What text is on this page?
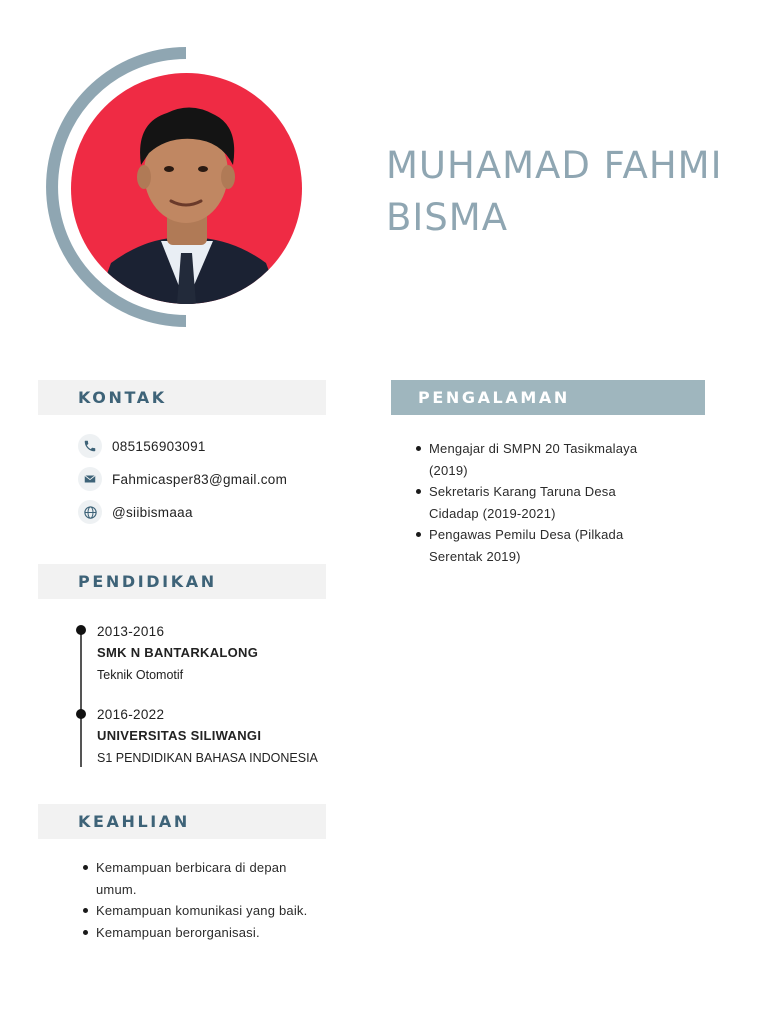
MUHAMAD FAHMI BISMA
KONTAK
085156903091
Fahmicasper83@gmail.com
@siibismaaa
PENDIDIKAN
2013-2016
SMK N BANTARKALONG
Teknik Otomotif
2016-2022
UNIVERSITAS SILIWANGI
S1 PENDIDIKAN BAHASA INDONESIA
KEAHLIAN
Kemampuan berbicara di depan umum.
Kemampuan komunikasi yang baik.
Kemampuan berorganisasi.
PENGALAMAN
Mengajar di SMPN 20 Tasikmalaya (2019)
Sekretaris Karang Taruna Desa Cidadap (2019-2021)
Pengawas Pemilu Desa (Pilkada Serentak 2019)
